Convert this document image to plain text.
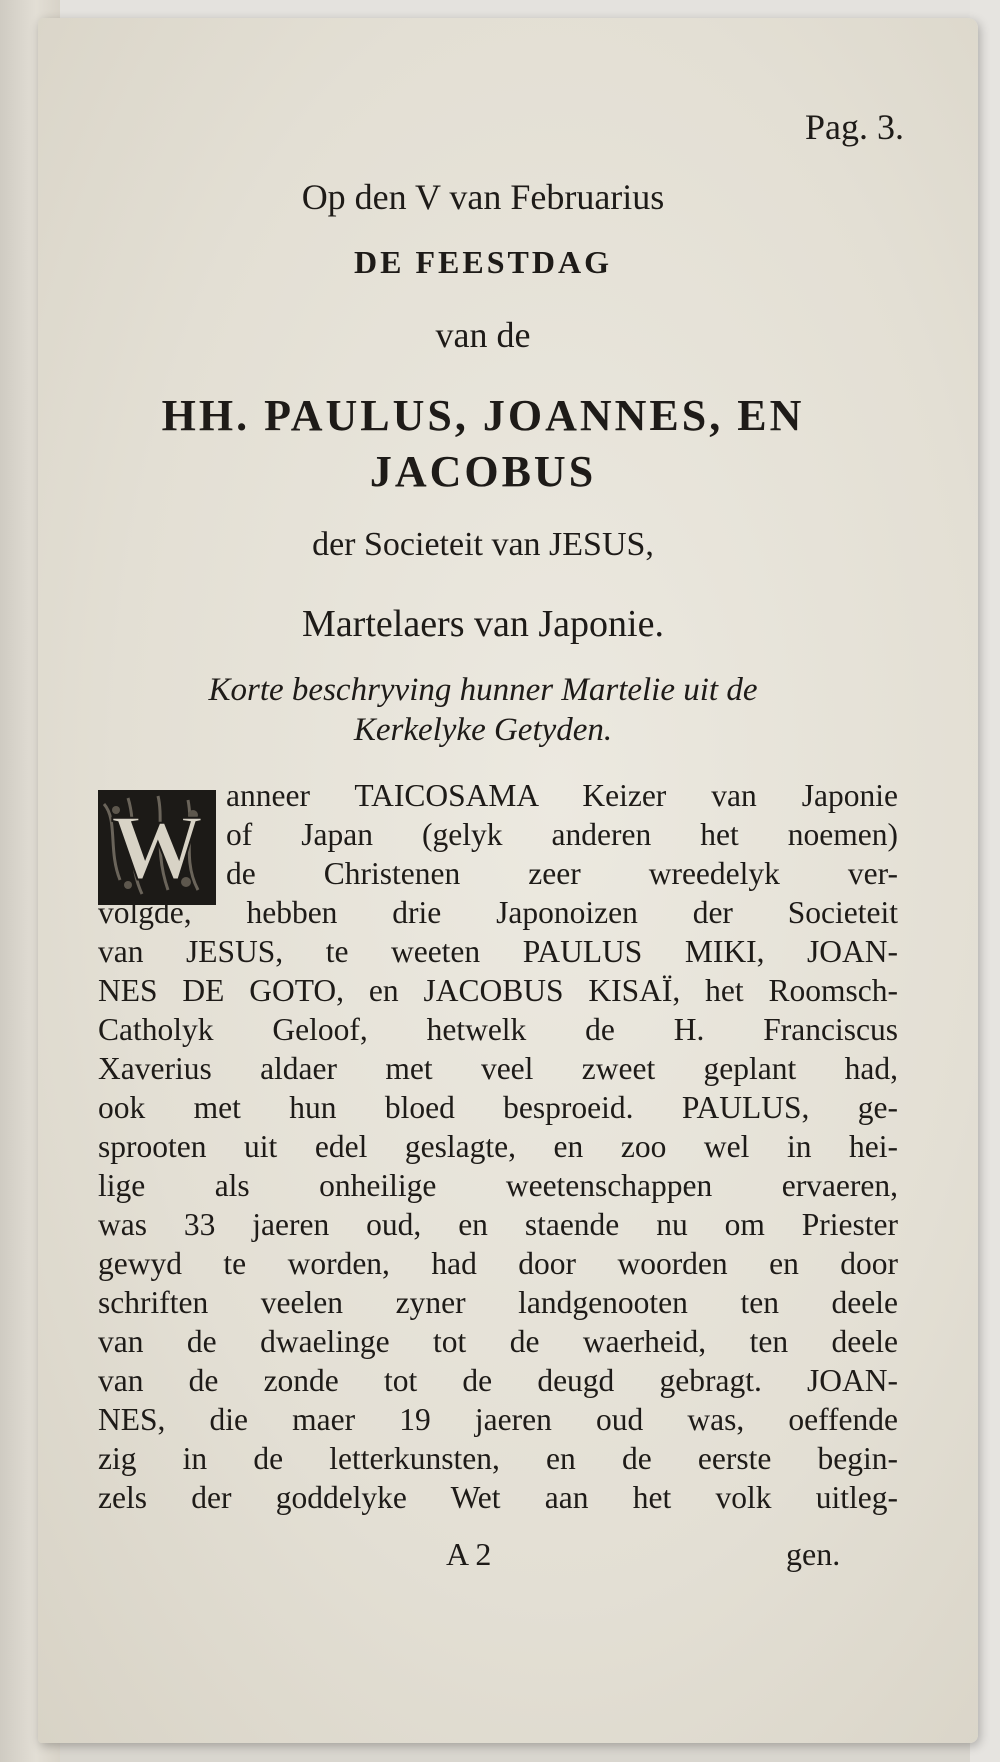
Pag. 3.
Op den V van Februarius
DE FEESTDAG
van de
HH. PAULUS, JOANNES, EN
JACOBUS
der Societeit van JESUS,
Martelaers van Japonie.
Korte beschryving hunner Martelie uit de
Kerkelyke Getyden.
W
anneer TAICOSAMA Keizer van Japonie
of Japan (gelyk anderen het noemen)
de Christenen zeer wreedelyk ver-
volgde, hebben drie Japonoizen der Societeit
van JESUS, te weeten PAULUS MIKI, JOAN-
NES DE GOTO, en JACOBUS KISAÏ, het Roomsch-
Catholyk Geloof, hetwelk de H. Franciscus
Xaverius aldaer met veel zweet geplant had,
ook met hun bloed besproeid. PAULUS, ge-
sprooten uit edel geslagte, en zoo wel in hei-
lige als onheilige weetenschappen ervaeren,
was 33 jaeren oud, en staende nu om Priester
gewyd te worden, had door woorden en door
schriften veelen zyner landgenooten ten deele
van de dwaelinge tot de waerheid, ten deele
van de zonde tot de deugd gebragt. JOAN-
NES, die maer 19 jaeren oud was, oeffende
zig in de letterkunsten, en de eerste begin-
zels der goddelyke Wet aan het volk uitleg-
A 2	gen.
